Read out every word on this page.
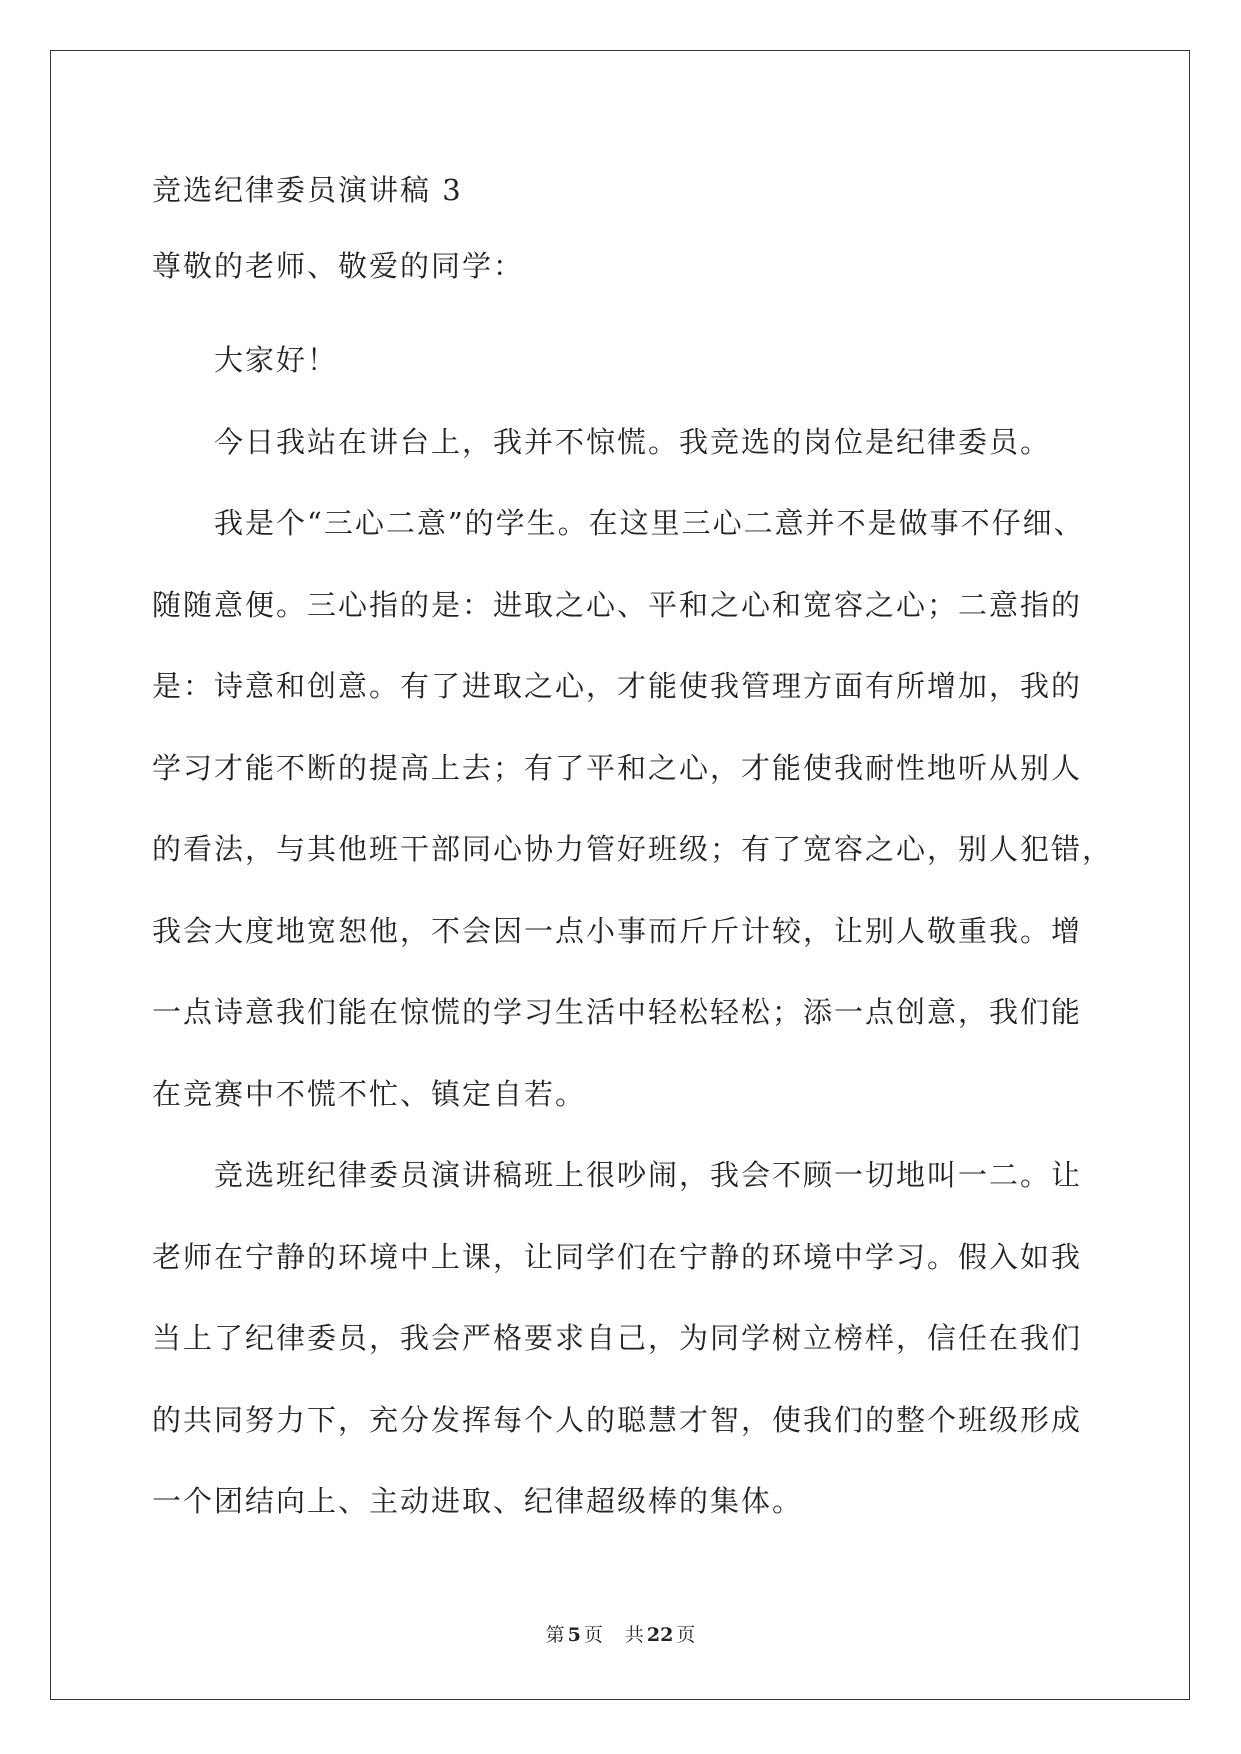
竞选纪律委员演讲稿 3

尊敬的老师、敬爱的同学：

大家好！

今日我站在讲台上，我并不惊慌。我竞选的岗位是纪律委员。

我是个“三心二意”的学生。在这里三心二意并不是做事不仔细、

随随意便。三心指的是：进取之心、平和之心和宽容之心；二意指的

是：诗意和创意。有了进取之心，才能使我管理方面有所增加，我的

学习才能不断的提高上去；有了平和之心，才能使我耐性地听从别人

的看法，与其他班干部同心协力管好班级；有了宽容之心，别人犯错，

我会大度地宽恕他，不会因一点小事而斤斤计较，让别人敬重我。增

一点诗意我们能在惊慌的学习生活中轻松轻松；添一点创意，我们能

在竞赛中不慌不忙、镇定自若。

竞选班纪律委员演讲稿班上很吵闹，我会不顾一切地叫一二。让

老师在宁静的环境中上课，让同学们在宁静的环境中学习。假入如我

当上了纪律委员，我会严格要求自己，为同学树立榜样，信任在我们

的共同努力下，充分发挥每个人的聪慧才智，使我们的整个班级形成

一个团结向上、主动进取、纪律超级棒的集体。

第 5 页 共 22 页
